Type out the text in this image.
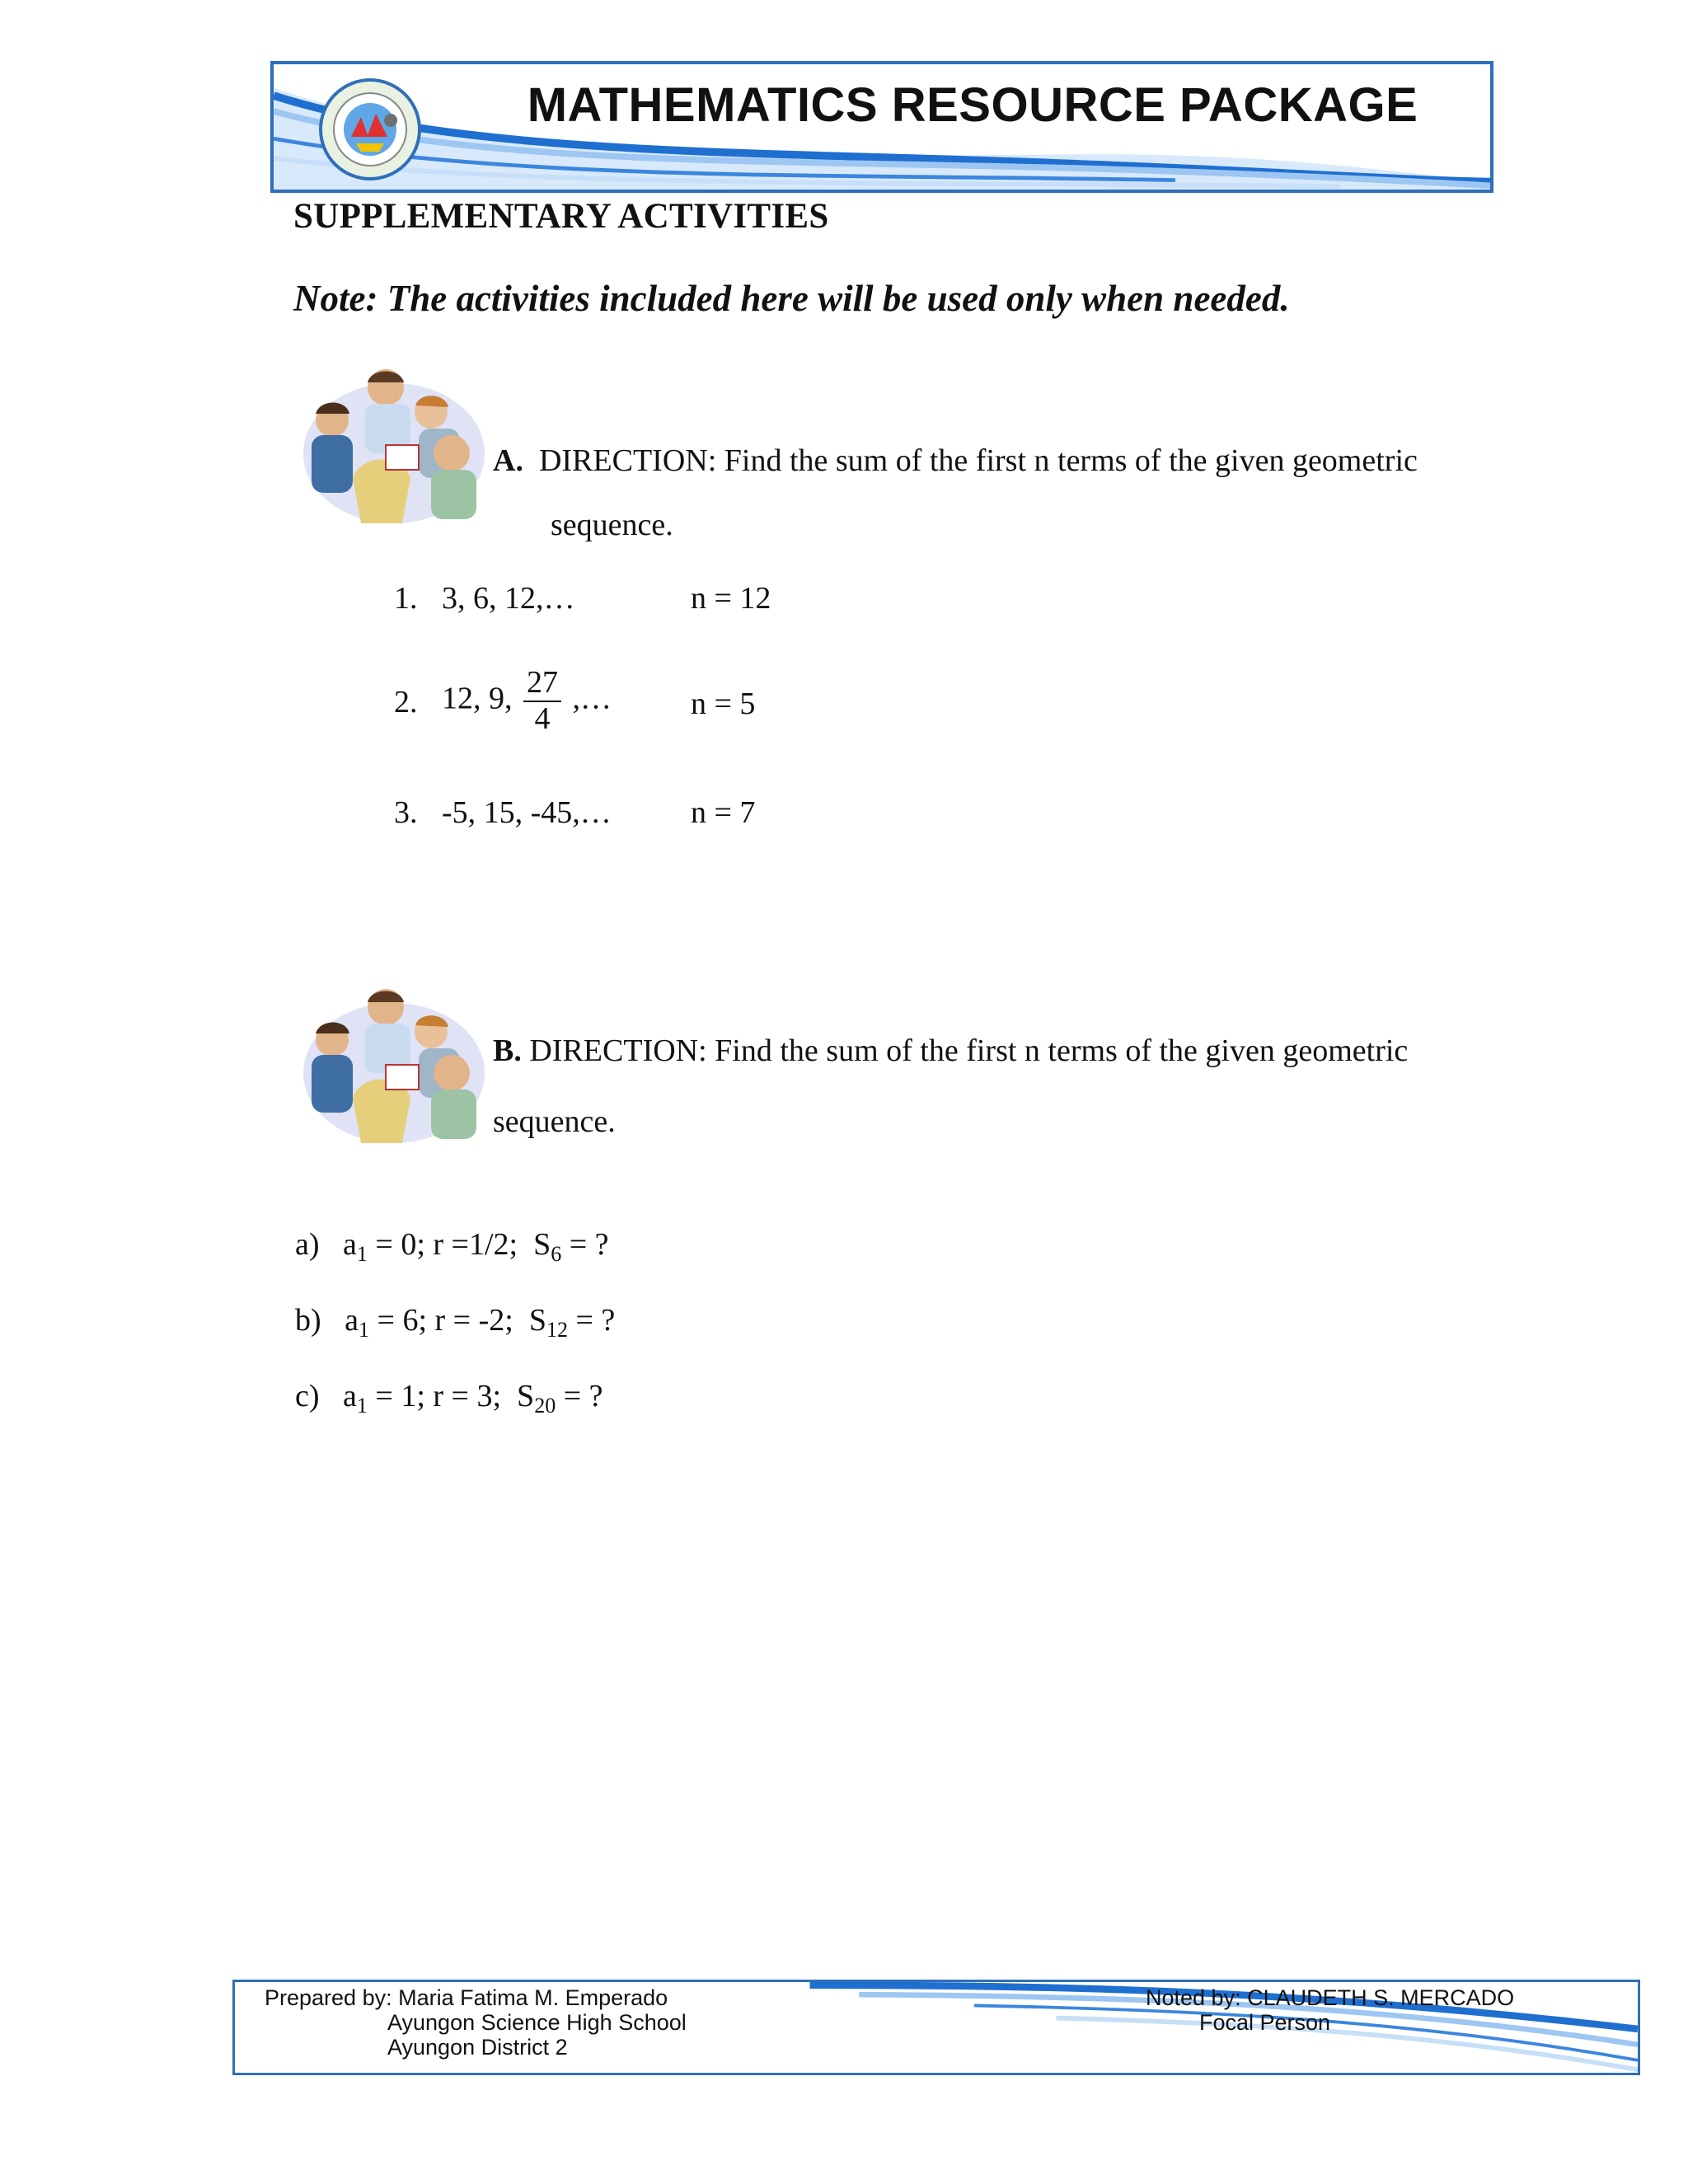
MATHEMATICS RESOURCE PACKAGE
SUPPLEMENTARY ACTIVITIES
Note: The activities included here will be used only when needed.
A. DIRECTION: Find the sum of the first n terms of the given geometric
sequence.
1. 3, 6, 12,…	n = 12
2. 12, 9, $\frac{27}{4}$ ,…	n = 5
3. -5, 15, -45,…	n = 7
B. DIRECTION: Find the sum of the first n terms of the given geometric
sequence.
a)   $a_1 = 0$; r =1/2;  $S_6$ = ?
b)   $a_1 = 6$; r = -2;  $S_{12}$ = ?
c)   $a_1 = 1$; r = 3;  $S_{20}$ = ?
Prepared by: Maria Fatima M. Emperado
Ayungon Science High School
Ayungon District 2
Noted by: CLAUDETH S. MERCADO
Focal Person
